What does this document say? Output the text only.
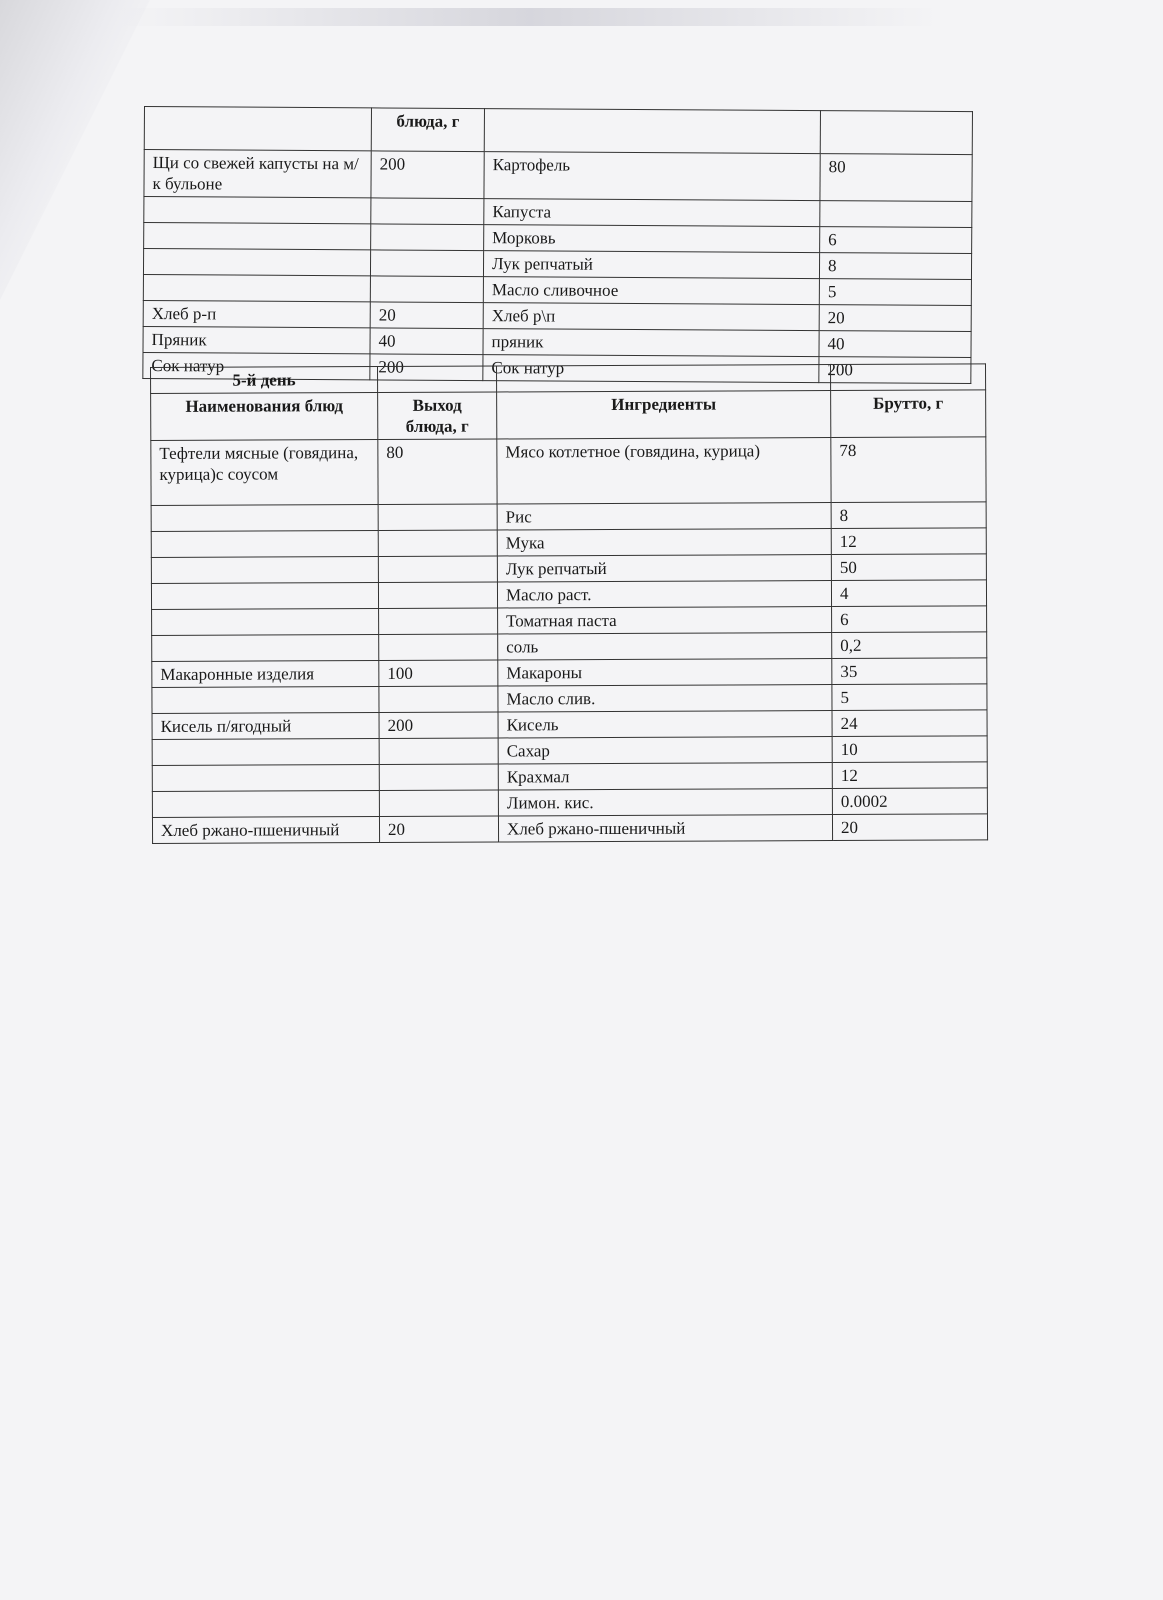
	блюда, г		
Щи со свежей капусты на м/к бульоне	200	Картофель	80
		Капуста	
		Морковь	6
		Лук репчатый	8
		Масло сливочное	5
Хлеб р-п	20	Хлеб р\п	20
Пряник	40	пряник	40
Сок натур	200	Сок натур	200
5-й день			
Наименования блюд	Выход блюда, г	Ингредиенты	Брутто, г
Тефтели мясные (говядина, курица)с соусом	80	Мясо котлетное (говядина, курица)	78
		Рис	8
		Мука	12
		Лук репчатый	50
		Масло раст.	4
		Томатная паста	6
		соль	0,2
Макаронные изделия	100	Макароны	35
		Масло слив.	5
Кисель п/ягодный	200	Кисель	24
		Сахар	10
		Крахмал	12
		Лимон. кис.	0.0002
Хлеб ржано-пшеничный	20	Хлеб ржано-пшеничный	20
